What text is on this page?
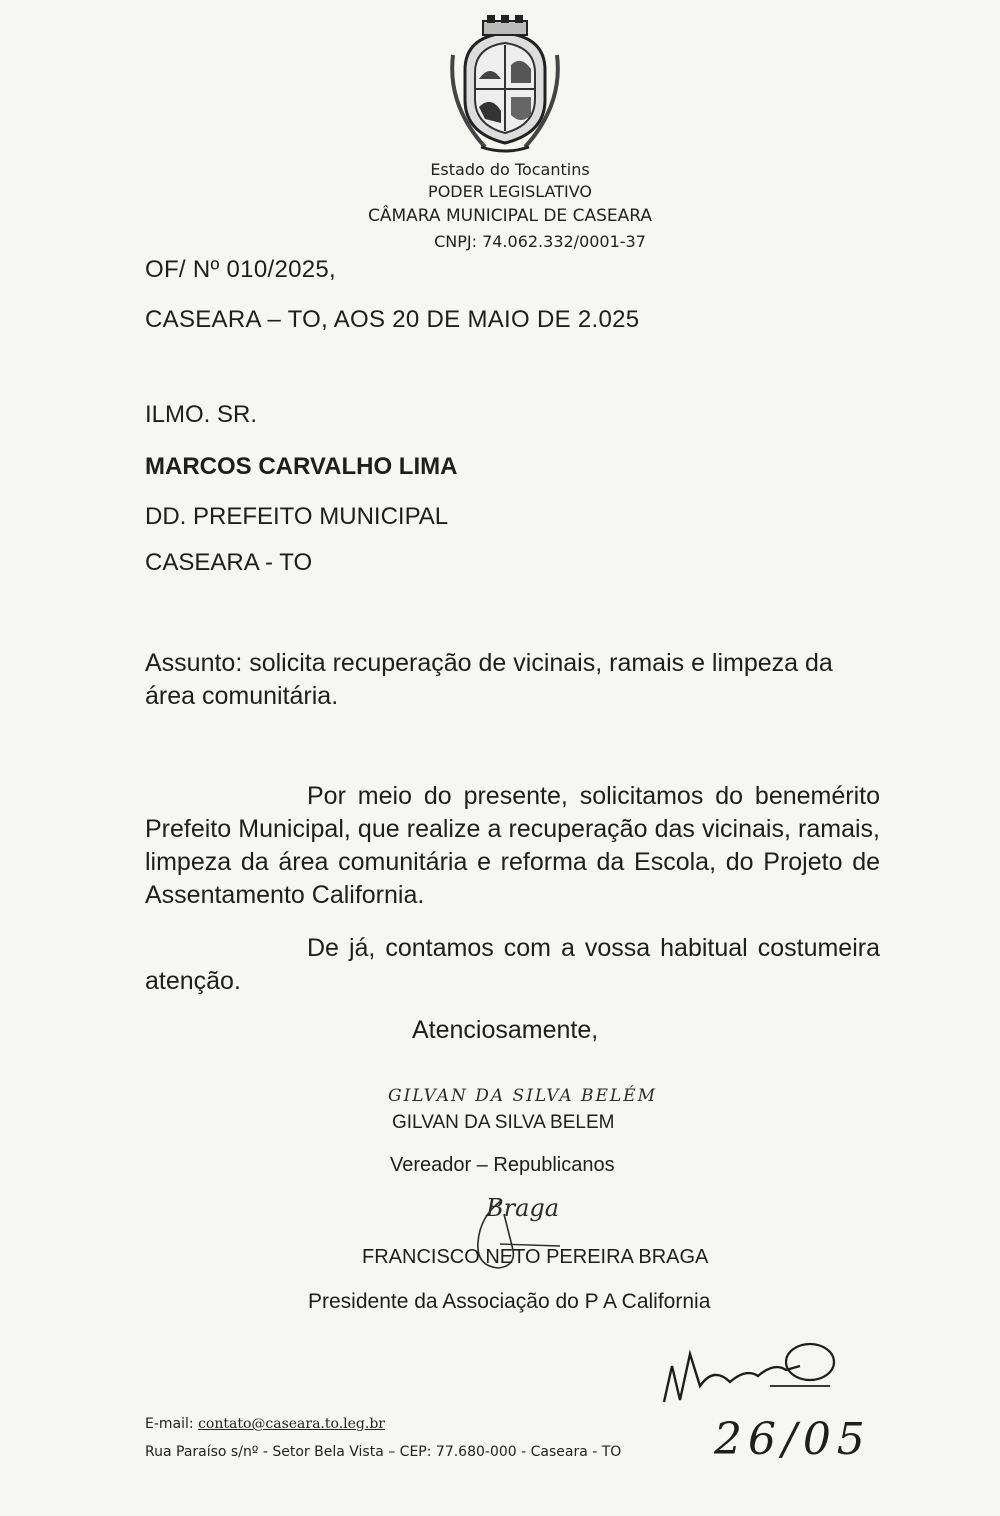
Estado do Tocantins
PODER LEGISLATIVO
CÂMARA MUNICIPAL DE CASEARA
CNPJ: 74.062.332/0001-37
OF/ Nº 010/2025,
CASEARA – TO, AOS 20 DE MAIO DE 2.025
ILMO. SR.
MARCOS CARVALHO LIMA
DD. PREFEITO MUNICIPAL
CASEARA - TO
Assunto: solicita recuperação de vicinais, ramais e limpeza da área comunitária.
Por meio do presente, solicitamos do benemérito Prefeito Municipal, que realize a recuperação das vicinais, ramais, limpeza da área comunitária e reforma da Escola, do Projeto de Assentamento California.
De já, contamos com a vossa habitual costumeira atenção.
Atenciosamente,
GILVAN DA SILVA BELÉM
GILVAN DA SILVA BELEM
Vereador – Republicanos
Braga
FRANCISCO NETO PEREIRA BRAGA
Presidente da Associação do P A California
26/05
E-mail: contato@caseara.to.leg.br
Rua Paraíso s/nº - Setor Bela Vista – CEP: 77.680-000 - Caseara - TO
